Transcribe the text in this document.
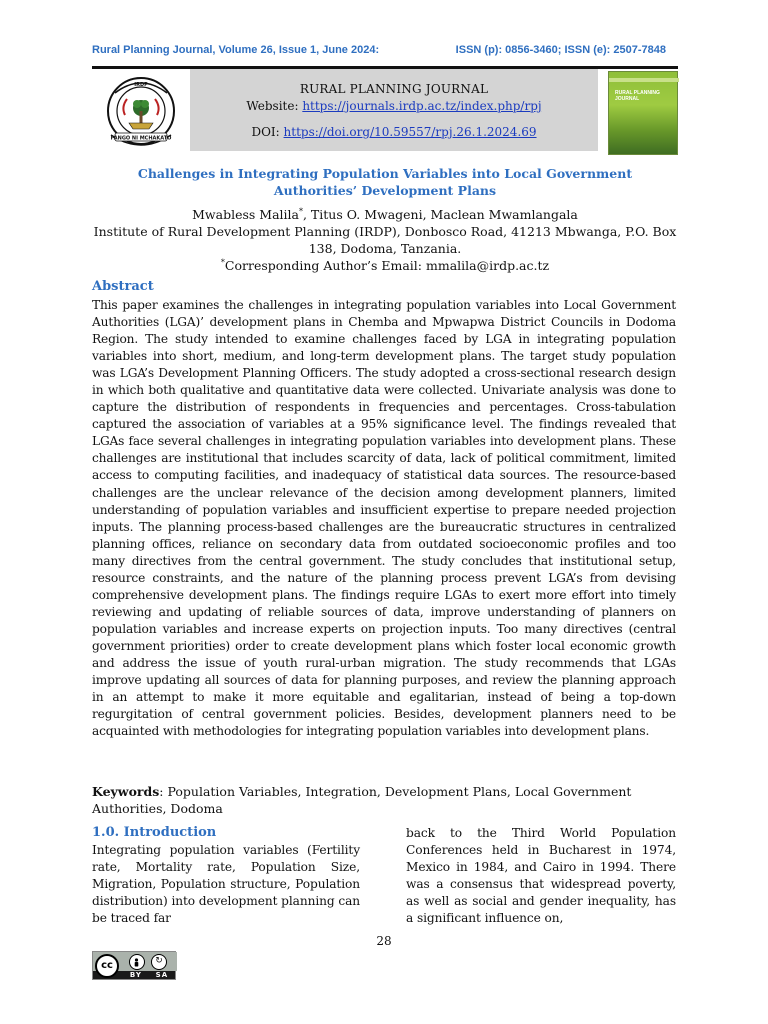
Rural Planning Journal, Volume 26, Issue 1, June 2024:	ISSN (p): 0856-3460; ISSN (e): 2507-7848
PANGO NI MCHAKATO
IRDP	RURAL PLANNING JOURNAL
Website: https://journals.irdp.ac.tz/index.php/rpj
DOI: https://doi.org/10.59557/rpj.26.1.2024.69
RURAL PLANNING JOURNAL
Challenges in Integrating Population Variables into Local Government
Authorities’ Development Plans
Mwabless Malila*, Titus O. Mwageni, Maclean Mwamlangala
Institute of Rural Development Planning (IRDP), Donbosco Road, 41213 Mbwanga, P.O. Box 138, Dodoma, Tanzania.
*Corresponding Author’s Email: mmalila@irdp.ac.tz
Abstract
This paper examines the challenges in integrating population variables into Local Government Authorities (LGA)’ development plans in Chemba and Mpwapwa District Councils in Dodoma Region. The study intended to examine challenges faced by LGA in integrating population variables into short, medium, and long-term development plans. The target study population was LGA’s Development Planning Officers. The study adopted a cross-sectional research design in which both qualitative and quantitative data were collected. Univariate analysis was done to capture the distribution of respondents in frequencies and percentages. Cross-tabulation captured the association of variables at a 95% significance level. The findings revealed that LGAs face several challenges in integrating population variables into development plans. These challenges are institutional that includes scarcity of data, lack of political commitment, limited access to computing facilities, and inadequacy of statistical data sources. The resource-based challenges are the unclear relevance of the decision among development planners, limited understanding of population variables and insufficient expertise to prepare needed projection inputs. The planning process-based challenges are the bureaucratic structures in centralized planning offices, reliance on secondary data from outdated socioeconomic profiles and too many directives from the central government. The study concludes that institutional setup, resource constraints, and the nature of the planning process prevent LGA’s from devising comprehensive development plans. The findings require LGAs to exert more effort into timely reviewing and updating of reliable sources of data, improve understanding of planners on population variables and increase experts on projection inputs. Too many directives (central government priorities) order to create development plans which foster local economic growth and address the issue of youth rural-urban migration. The study recommends that LGAs improve updating all sources of data for planning purposes, and review the planning approach in an attempt to make it more equitable and egalitarian, instead of being a top-down regurgitation of central government policies. Besides, development planners need to be acquainted with methodologies for integrating population variables into development plans.
Keywords: Population Variables, Integration, Development Plans, Local Government Authorities, Dodoma
1.0. Introduction
Integrating population variables (Fertility rate, Mortality rate, Population Size, Migration, Population structure, Population distribution) into development planning can be traced far
back to the Third World Population Conferences held in Bucharest in 1974, Mexico in 1984, and Cairo in 1994. There was a consensus that widespread poverty, as well as social and gender inequality, has a significant influence on,
28
cc	↻
BY SA
